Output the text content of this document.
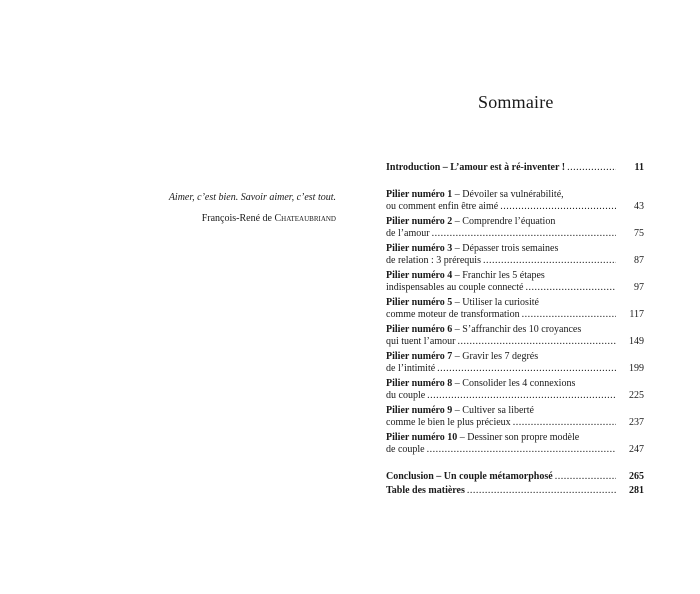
Aimer, c’est bien. Savoir aimer, c’est tout.
François-René de Chateaubriand
Sommaire
Introduction – L’amour est à ré-inventer ! .....	11
Pilier numéro 1 – Dévoiler sa vulnérabilité,
ou comment enfin être aimé .....	43
Pilier numéro 2 – Comprendre l’équation
de l’amour .....	75
Pilier numéro 3 – Dépasser trois semaines
de relation : 3 prérequis .....	87
Pilier numéro 4 – Franchir les 5 étapes
indispensables au couple connecté .....	97
Pilier numéro 5 – Utiliser la curiosité
comme moteur de transformation .....	117
Pilier numéro 6 – S’affranchir des 10 croyances
qui tuent l’amour .....	149
Pilier numéro 7 – Gravir les 7 degrés
de l’intimité .....	199
Pilier numéro 8 – Consolider les 4 connexions
du couple .....	225
Pilier numéro 9 – Cultiver sa liberté
comme le bien le plus précieux .....	237
Pilier numéro 10 – Dessiner son propre modèle
de couple .....	247
Conclusion – Un couple métamorphosé .....	265
Table des matières .....	281
